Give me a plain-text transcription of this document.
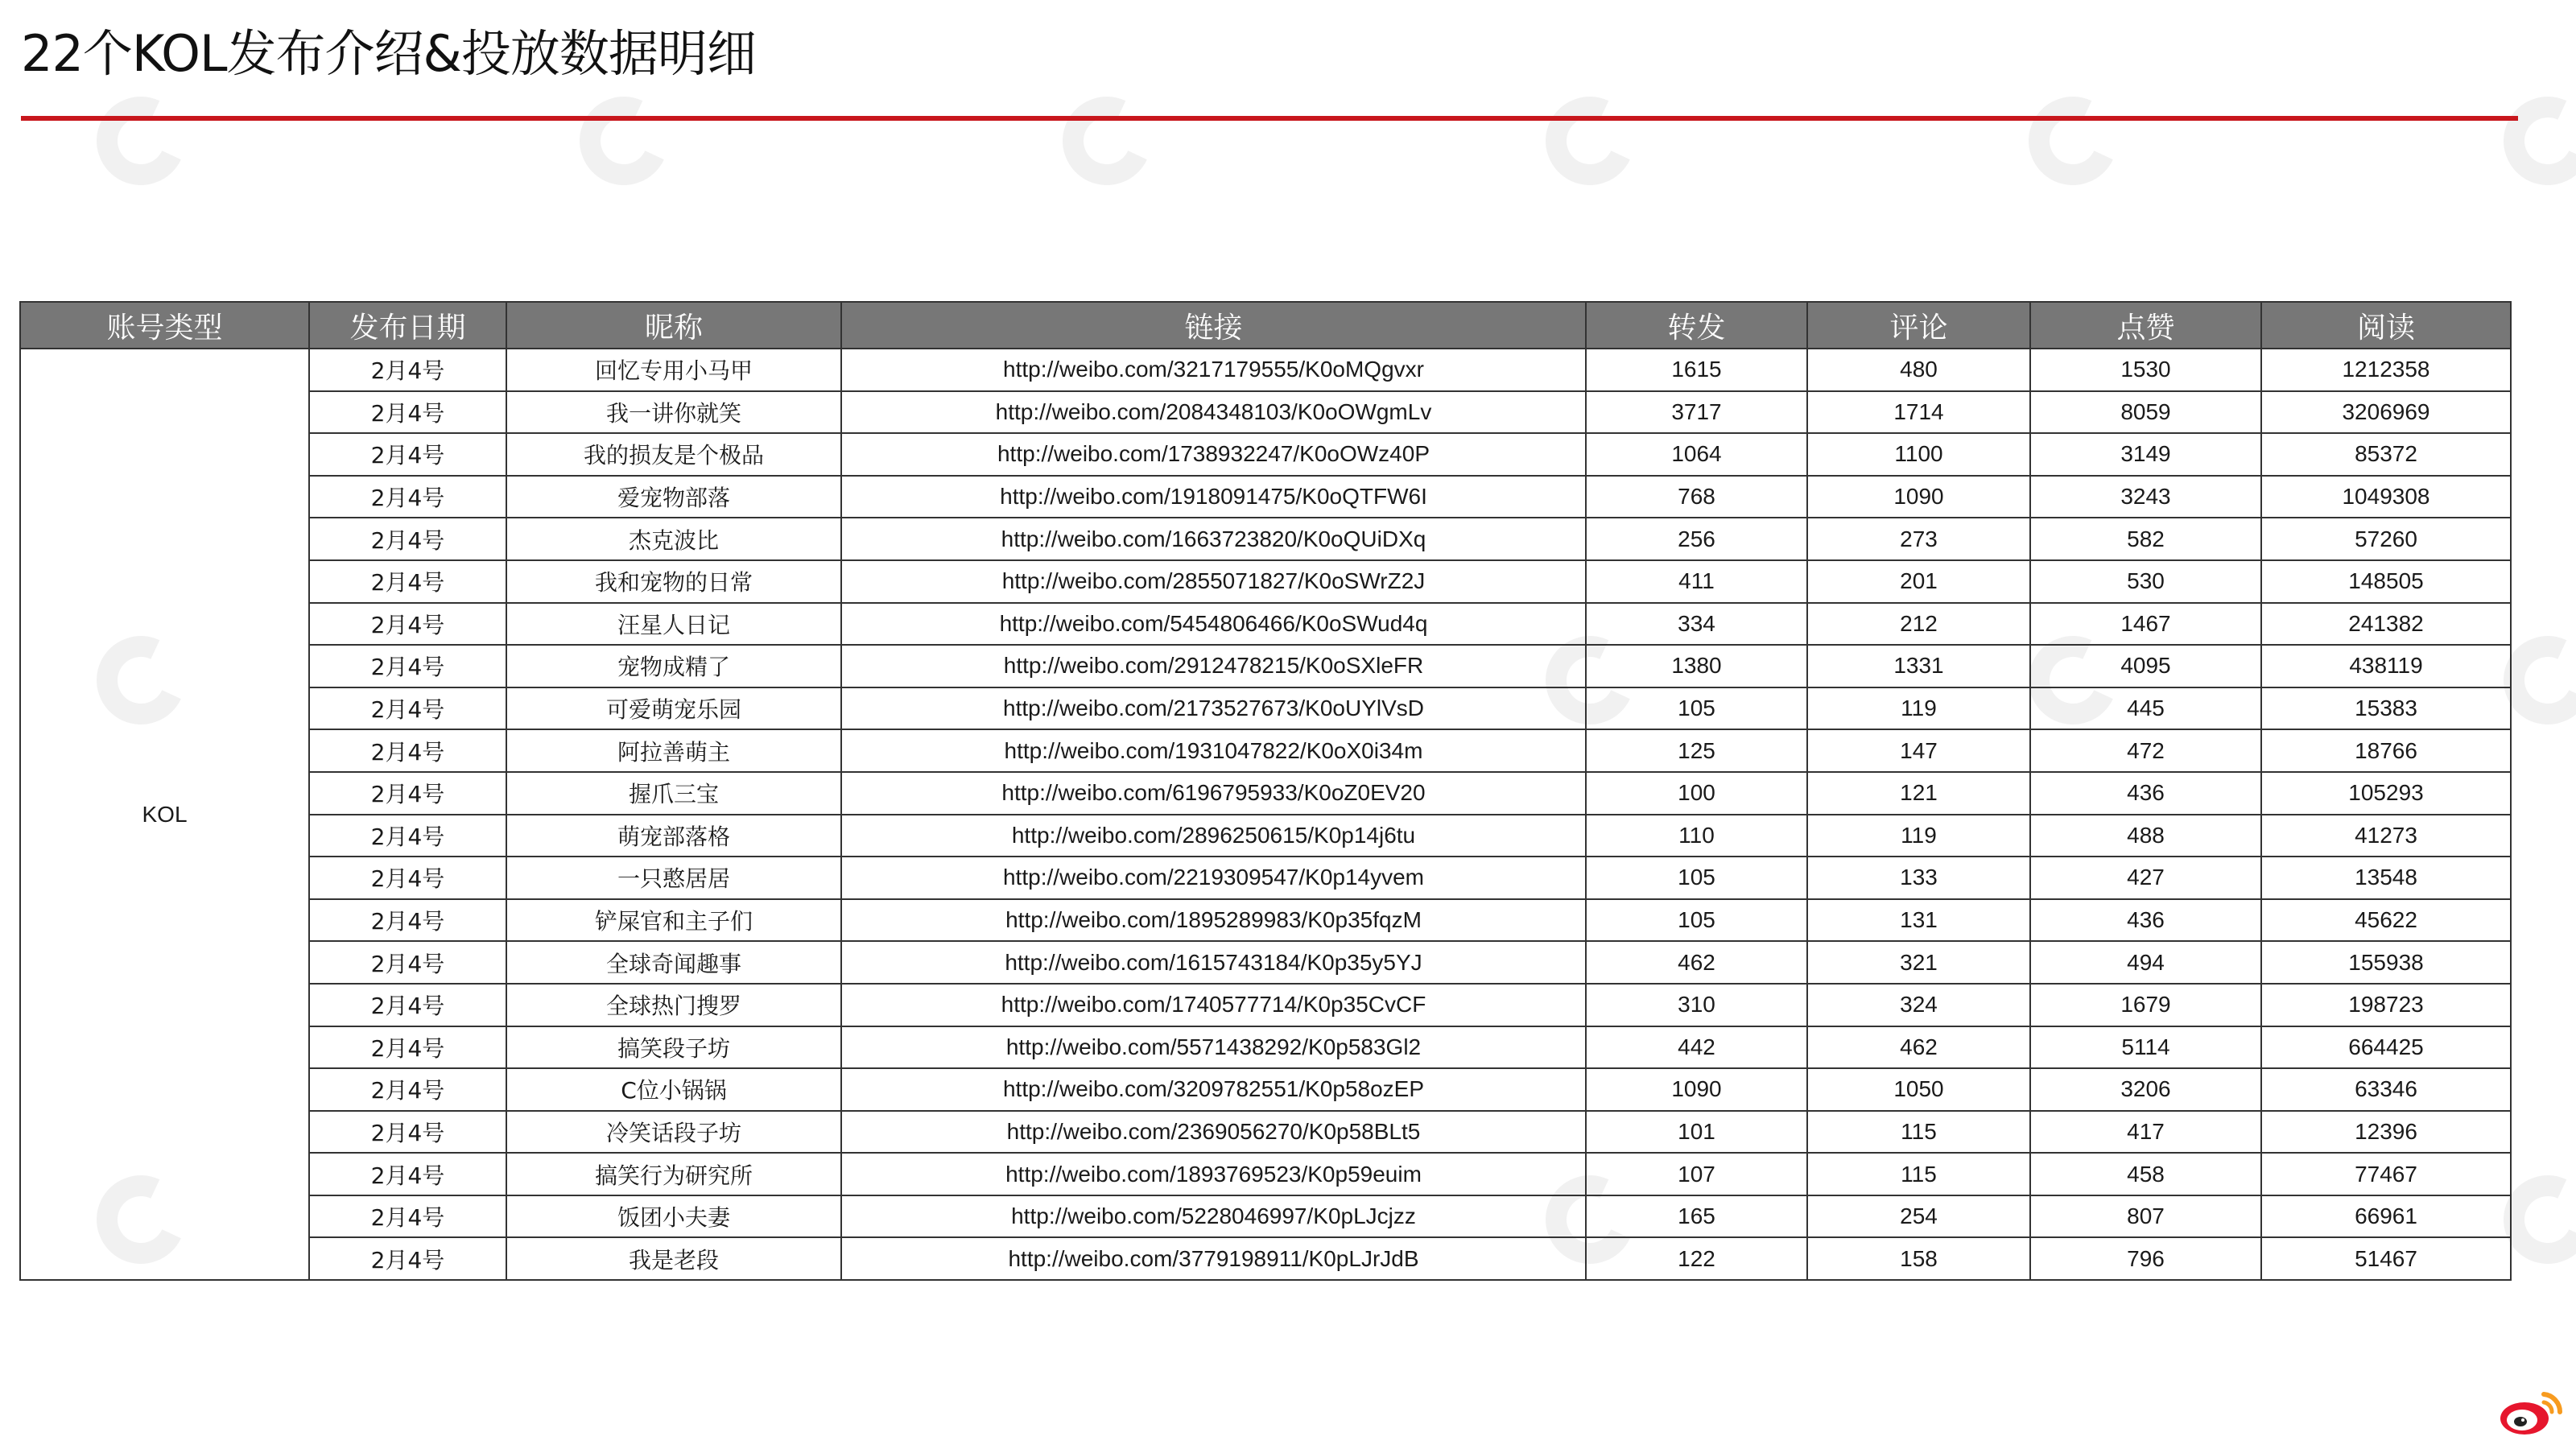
22个KOL发布介绍&投放数据明细
账号类型	发布日期	昵称	链接	转发	评论	点赞	阅读
KOL	2月4号	回忆专用小马甲	http://weibo.com/3217179555/K0oMQgvxr	1615	480	1530	1212358
	2月4号	我一讲你就笑	http://weibo.com/2084348103/K0oOWgmLv	3717	1714	8059	3206969
	2月4号	我的损友是个极品	http://weibo.com/1738932247/K0oOWz40P	1064	1100	3149	85372
	2月4号	爱宠物部落	http://weibo.com/1918091475/K0oQTFW6I	768	1090	3243	1049308
	2月4号	杰克波比	http://weibo.com/1663723820/K0oQUiDXq	256	273	582	57260
	2月4号	我和宠物的日常	http://weibo.com/2855071827/K0oSWrZ2J	411	201	530	148505
	2月4号	汪星人日记	http://weibo.com/5454806466/K0oSWud4q	334	212	1467	241382
	2月4号	宠物成精了	http://weibo.com/2912478215/K0oSXleFR	1380	1331	4095	438119
	2月4号	可爱萌宠乐园	http://weibo.com/2173527673/K0oUYlVsD	105	119	445	15383
	2月4号	阿拉善萌主	http://weibo.com/1931047822/K0oX0i34m	125	147	472	18766
	2月4号	握爪三宝	http://weibo.com/6196795933/K0oZ0EV20	100	121	436	105293
	2月4号	萌宠部落格	http://weibo.com/2896250615/K0p14j6tu	110	119	488	41273
	2月4号	一只憨居居	http://weibo.com/2219309547/K0p14yvem	105	133	427	13548
	2月4号	铲屎官和主子们	http://weibo.com/1895289983/K0p35fqzM	105	131	436	45622
	2月4号	全球奇闻趣事	http://weibo.com/1615743184/K0p35y5YJ	462	321	494	155938
	2月4号	全球热门搜罗	http://weibo.com/1740577714/K0p35CvCF	310	324	1679	198723
	2月4号	搞笑段子坊	http://weibo.com/5571438292/K0p583Gl2	442	462	5114	664425
	2月4号	C位小锅锅	http://weibo.com/3209782551/K0p58ozEP	1090	1050	3206	63346
	2月4号	冷笑话段子坊	http://weibo.com/2369056270/K0p58BLt5	101	115	417	12396
	2月4号	搞笑行为研究所	http://weibo.com/1893769523/K0p59euim	107	115	458	77467
	2月4号	饭团小夫妻	http://weibo.com/5228046997/K0pLJcjzz	165	254	807	66961
	2月4号	我是老段	http://weibo.com/3779198911/K0pLJrJdB	122	158	796	51467
